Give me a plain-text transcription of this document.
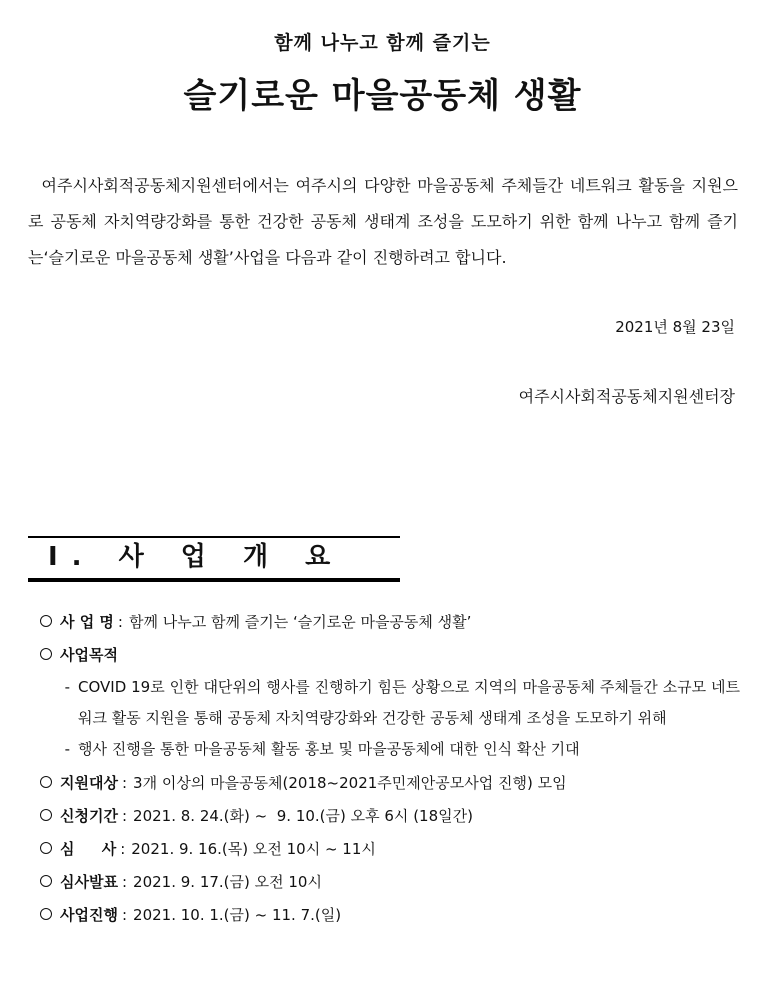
함께 나누고 함께 즐기는
슬기로운 마을공동체 생활
여주시사회적공동체지원센터에서는 여주시의 다양한 마을공동체 주체들간 네트워크 활동을 지원으로 공동체 자치역량강화를 통한 건강한 공동체 생태계 조성을 도모하기 위한 함께 나누고 함께 즐기는‘슬기로운 마을공동체 생활’사업을 다음과 같이 진행하려고 합니다.
2021년 8월 23일
여주시사회적공동체지원센터장
Ⅰ. 사 업 개 요
사 업 명 : 함께 나누고 함께 즐기는 ‘슬기로운 마을공동체 생활’
사업목적
- COVID 19로 인한 대단위의 행사를 진행하기 힘든 상황으로 지역의 마을공동체 주체들간 소규모 네트워크 활동 지원을 통해 공동체 자치역량강화와 건강한 공동체 생태계 조성을 도모하기 위해
- 행사 진행을 통한 마을공동체 활동 홍보 및 마을공동체에 대한 인식 확산 기대
지원대상 : 3개 이상의 마을공동체(2018~2021주민제안공모사업 진행) 모임
신청기간 : 2021. 8. 24.(화) ~  9. 10.(금) 오후 6시 (18일간)
심 사 : 2021. 9. 16.(목) 오전 10시 ~ 11시
심사발표 : 2021. 9. 17.(금) 오전 10시
사업진행 : 2021. 10. 1.(금) ~ 11. 7.(일)
